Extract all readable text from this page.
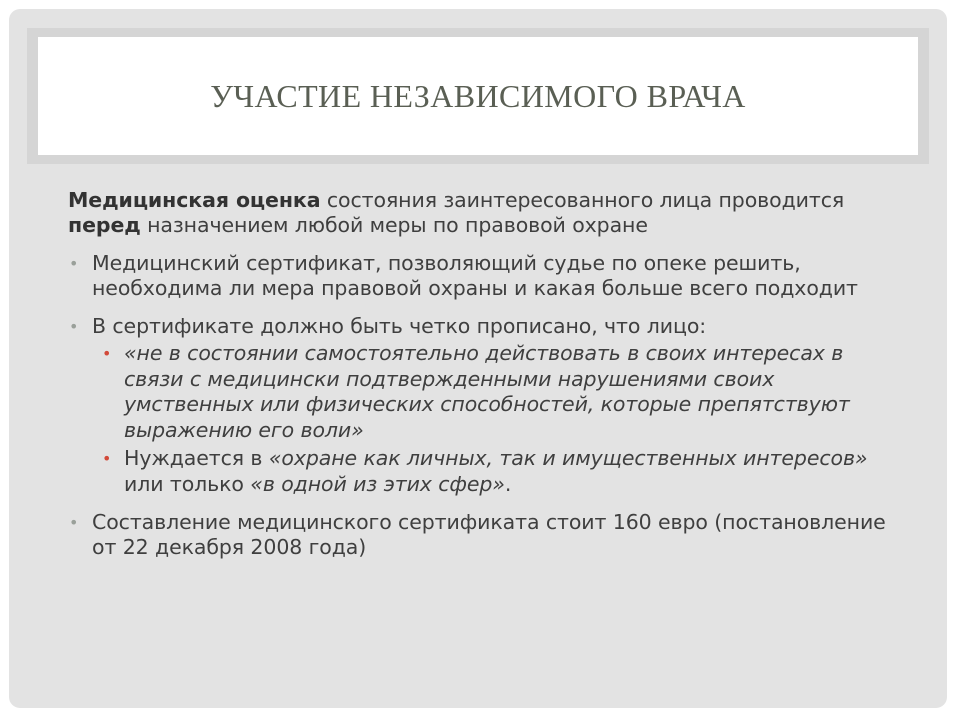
УЧАСТИЕ НЕЗАВИСИМОГО ВРАЧА

Медицинская оценка состояния заинтересованного лица проводится перед назначением любой меры по правовой охране

• Медицинский сертификат, позволяющий судье по опеке решить, необходима ли мера правовой охраны и какая больше всего подходит
• В сертификате должно быть четко прописано, что лицо:
• «не в состоянии самостоятельно действовать в своих интересах в связи с медицински подтвержденными нарушениями своих умственных или физических способностей, которые препятствуют выражению его воли»
• Нуждается в «охране как личных, так и имущественных интересов» или только «в одной из этих сфер».
• Составление медицинского сертификата стоит 160 евро (постановление от 22 декабря 2008 года)
